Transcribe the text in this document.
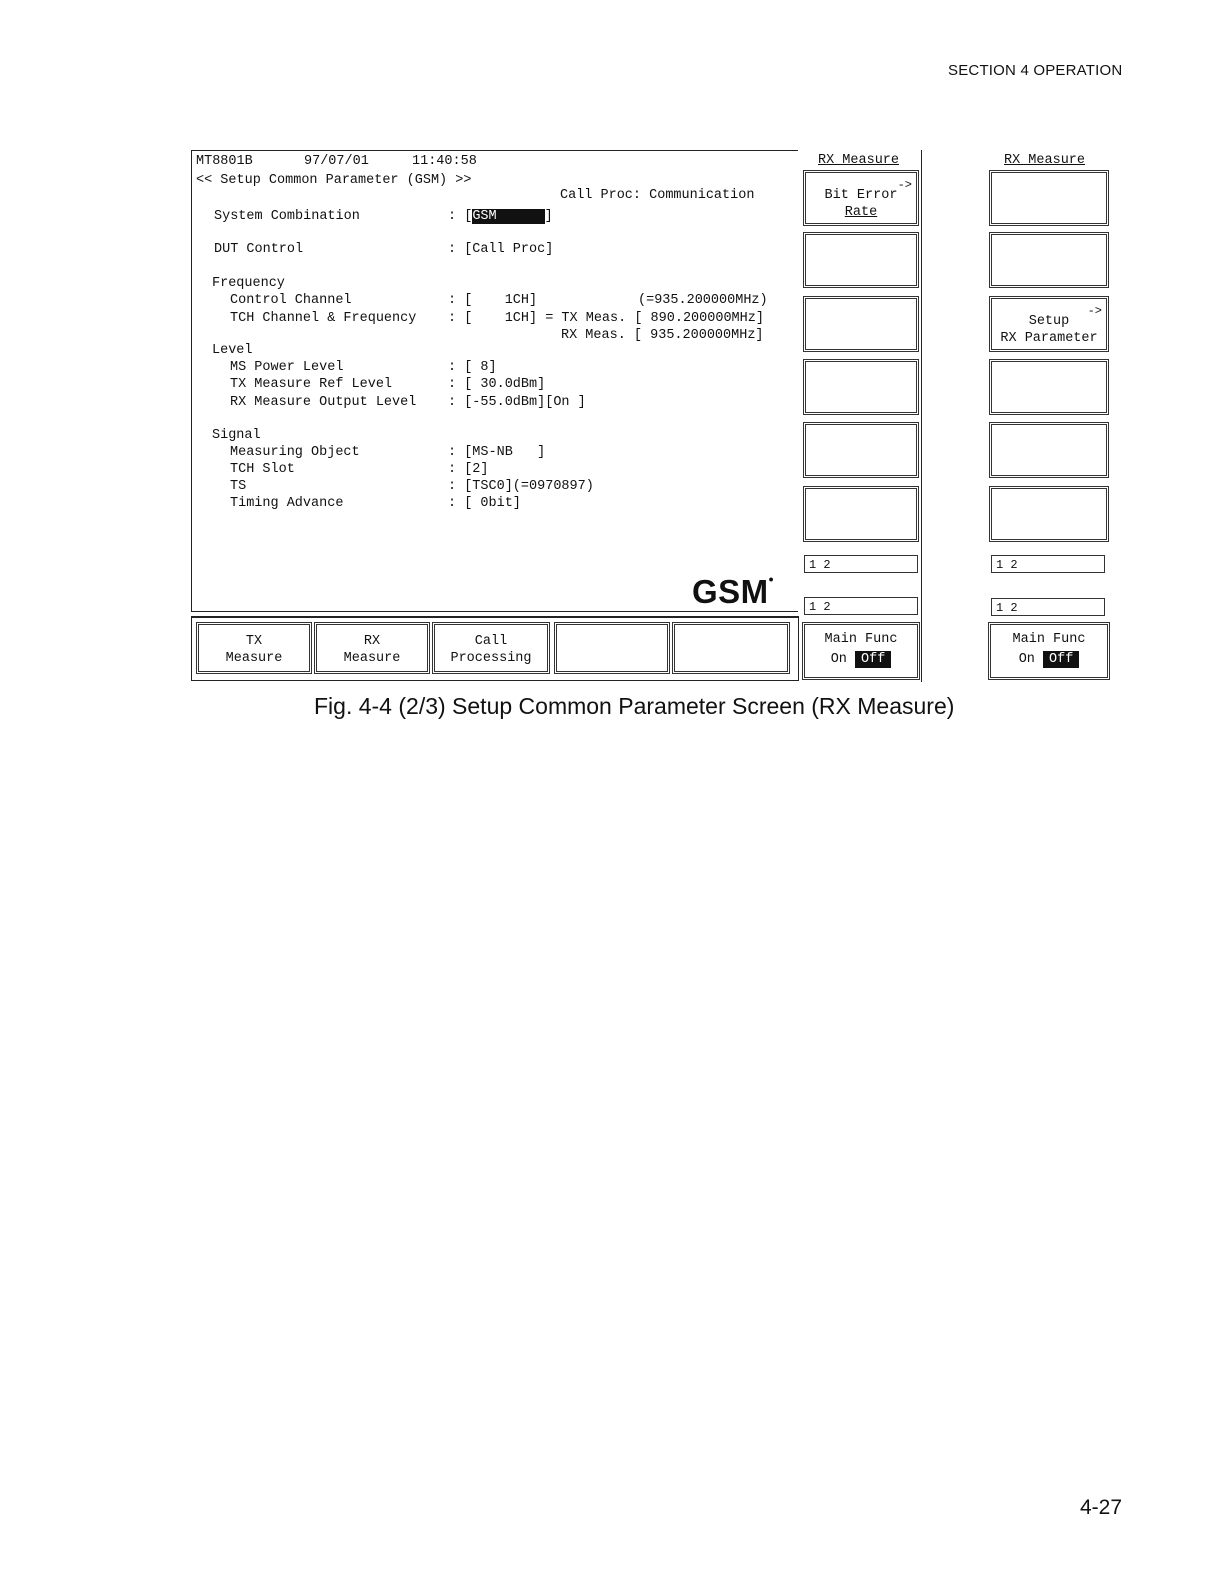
SECTION 4 OPERATION
4-27
Fig. 4-4 (2/3) Setup Common Parameter Screen (RX Measure)
MT8801B	97/07/01	11:40:58
<< Setup Common Parameter (GSM) >>
Call Proc: Communication
System Combination	: [GSM	]
DUT Control	: [Call Proc]
Frequency
Control Channel	: [    1CH]	(=935.200000MHz)
TCH Channel & Frequency : [    1CH] = TX Meas. [ 890.200000MHz]
RX Meas. [ 935.200000MHz]
Level
MS Power Level	: [ 8]
TX Measure Ref Level	: [ 30.0dBm]
RX Measure Output Level : [-55.0dBm][On ]
Signal
Measuring Object	: [MS-NB   ]
TCH Slot	: [2]
TS	: [TSC0](=0970897)
Timing Advance	: [ 0bit]
GSM•
TX
Measure
RX
Measure
Call
Processing
RX Measure
->
Bit Error
Rate
1 2
1 2
Main Func
On Off
RX Measure
->
Setup
RX Parameter
1 2
1 2
Main Func
On Off
